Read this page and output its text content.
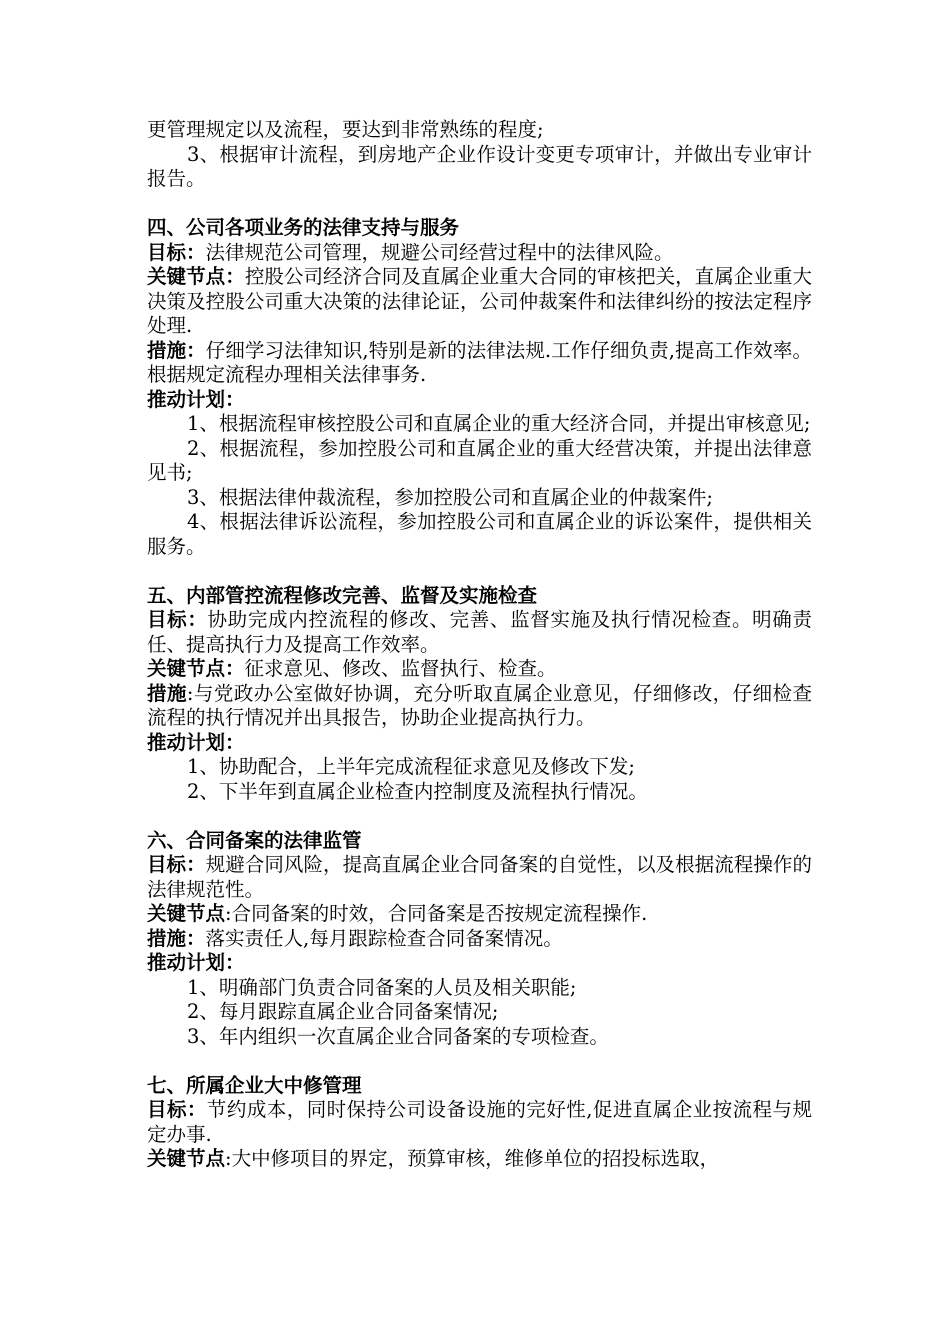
更管理规定以及流程，要达到非常熟练的程度;

3、根据审计流程，到房地产企业作设计变更专项审计，并做出专业审计报告。

四、公司各项业务的法律支持与服务

目标：法律规范公司管理，规避公司经营过程中的法律风险。

关键节点：控股公司经济合同及直属企业重大合同的审核把关，直属企业重大决策及控股公司重大决策的法律论证，公司仲裁案件和法律纠纷的按法定程序处理.

措施：仔细学习法律知识,特别是新的法律法规.工作仔细负责,提高工作效率。根据规定流程办理相关法律事务.

推动计划：

1、根据流程审核控股公司和直属企业的重大经济合同，并提出审核意见;

2、根据流程，参加控股公司和直属企业的重大经营决策，并提出法律意见书;

3、根据法律仲裁流程，参加控股公司和直属企业的仲裁案件;

4、根据法律诉讼流程，参加控股公司和直属企业的诉讼案件，提供相关服务。

五、内部管控流程修改完善、监督及实施检查

目标：协助完成内控流程的修改、完善、监督实施及执行情况检查。明确责任、提高执行力及提高工作效率。

关键节点：征求意见、修改、监督执行、检查。

措施:与党政办公室做好协调，充分听取直属企业意见，仔细修改，仔细检查流程的执行情况并出具报告，协助企业提高执行力。

推动计划：

1、协助配合，上半年完成流程征求意见及修改下发;

2、下半年到直属企业检查内控制度及流程执行情况。

六、合同备案的法律监管

目标：规避合同风险，提高直属企业合同备案的自觉性，以及根据流程操作的法律规范性。

关键节点:合同备案的时效，合同备案是否按规定流程操作.

措施：落实责任人,每月跟踪检查合同备案情况。

推动计划：

1、明确部门负责合同备案的人员及相关职能;

2、每月跟踪直属企业合同备案情况;

3、年内组织一次直属企业合同备案的专项检查。

七、所属企业大中修管理

目标：节约成本，同时保持公司设备设施的完好性,促进直属企业按流程与规定办事.

关键节点:大中修项目的界定，预算审核，维修单位的招投标选取，
